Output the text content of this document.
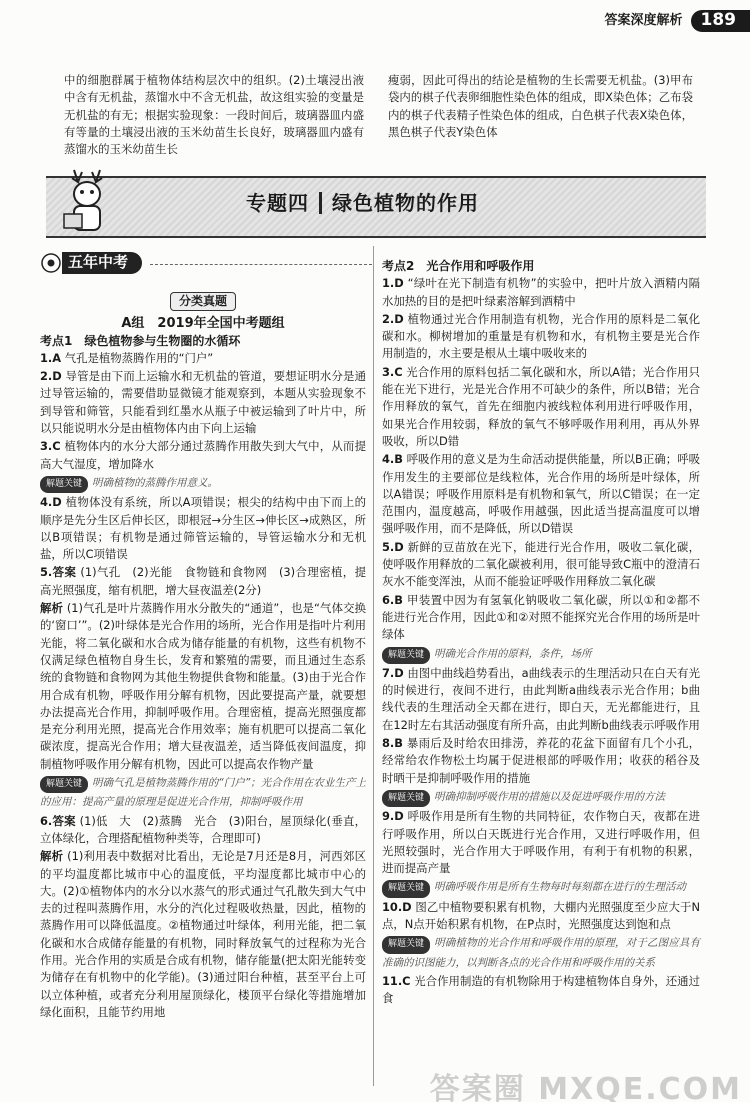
答案深度解析	189
中的细胞群属于植物体结构层次中的组织。(2)土壤浸出液中含有无机盐，蒸馏水中不含无机盐，故这组实验的变量是无机盐的有无；根据实验现象：一段时间后，玻璃器皿内盛有等量的土壤浸出液的玉米幼苗生长良好，玻璃器皿内盛有蒸馏水的玉米幼苗生长
瘦弱，因此可得出的结论是植物的生长需要无机盐。(3)甲布袋内的棋子代表卵细胞性染色体的组成，即X染色体；乙布袋内的棋子代表精子性染色体的组成，白色棋子代表X染色体，黑色棋子代表Y染色体
专题四 绿色植物的作用
五年中考
分类真题
A组　2019年全国中考题组
考点1　绿色植物参与生物圈的水循环
1.A 气孔是植物蒸腾作用的“门户”
2.D 导管是由下而上运输水和无机盐的管道，要想证明水分是通过导管运输的，需要借助显微镜才能观察到，本题从实验现象不到导管和筛管，只能看到红墨水从瓶子中被运输到了叶片中，所以只能说明水分是由植物体内由下向上运输
3.C 植物体内的水分大部分通过蒸腾作用散失到大气中，从而提高大气湿度，增加降水
解题关键 明确植物的蒸腾作用意义。
4.D 植物体没有系统，所以A项错误；根尖的结构中由下而上的顺序是先分生区后伸长区，即根冠→分生区→伸长区→成熟区，所以B项错误；有机物是通过筛管运输的，导管运输水分和无机盐，所以C项错误
5.答案 (1)气孔　(2)光能　食物链和食物网　(3)合理密植，提高光照强度，缩有机肥，增大昼夜温差(2分)
解析 (1)气孔是叶片蒸腾作用水分散失的“通道”，也是“气体交换的‘窗口’”。(2)叶绿体是光合作用的场所，光合作用是指叶片利用光能，将二氧化碳和水合成为储存能量的有机物，这些有机物不仅满足绿色植物自身生长，发育和繁殖的需要，而且通过生态系统的食物链和食物网为其他生物提供食物和能量。(3)由于光合作用合成有机物，呼吸作用分解有机物，因此要提高产量，就要想办法提高光合作用，抑制呼吸作用。合理密植，提高光照强度都是充分利用光照，提高光合作用效率；施有机肥可以提高二氧化碳浓度，提高光合作用；增大昼夜温差，适当降低夜间温度，抑制植物呼吸作用分解有机物，因此可以提高农作物产量
解题关键 明确气孔是植物蒸腾作用的“门户”；光合作用在农业生产上的应用：提高产量的原理是促进光合作用，抑制呼吸作用
6.答案 (1)低　大　(2)蒸腾　光合　(3)阳台，屋顶绿化(垂直，立体绿化，合理搭配植物种类等，合理即可)
解析 (1)利用表中数据对比看出，无论是7月还是8月，河西郊区的平均温度都比城市中心的温度低，平均湿度都比城市中心的大。(2)①植物体内的水分以水蒸气的形式通过气孔散失到大气中去的过程叫蒸腾作用，水分的汽化过程吸收热量，因此，植物的蒸腾作用可以降低温度。②植物通过叶绿体，利用光能，把二氧化碳和水合成储存能量的有机物，同时释放氧气的过程称为光合作用。光合作用的实质是合成有机物，储存能量(把太阳光能转变为储存在有机物中的化学能)。(3)通过阳台种植，甚至平台上可以立体种植，或者充分利用屋顶绿化，楼顶平台绿化等措施增加绿化面积，且能节约用地
考点2　光合作用和呼吸作用
1.D “绿叶在光下制造有机物”的实验中，把叶片放入酒精内隔水加热的目的是把叶绿素溶解到酒精中
2.D 植物通过光合作用制造有机物，光合作用的原料是二氧化碳和水。柳树增加的重量是有机物和水，有机物主要是光合作用制造的，水主要是根从土壤中吸收来的
3.C 光合作用的原料包括二氧化碳和水，所以A错；光合作用只能在光下进行，光是光合作用不可缺少的条件，所以B错；光合作用释放的氧气，首先在细胞内被线粒体利用进行呼吸作用，如果光合作用较弱，释放的氧气不够呼吸作用利用，再从外界吸收，所以D错
4.B 呼吸作用的意义是为生命活动提供能量，所以B正确；呼吸作用发生的主要部位是线粒体，光合作用的场所是叶绿体，所以A错误；呼吸作用原料是有机物和氧气，所以C错误；在一定范围内，温度越高，呼吸作用越强，因此适当提高温度可以增强呼吸作用，而不是降低，所以D错误
5.D 新鲜的豆苗放在光下，能进行光合作用，吸收二氧化碳，使呼吸作用释放的二氧化碳被利用，很可能导致C瓶中的澄清石灰水不能变浑浊，从而不能验证呼吸作用释放二氧化碳
6.B 甲装置中因为有氢氧化钠吸收二氧化碳，所以①和②都不能进行光合作用，因此①和②对照不能探究光合作用的场所是叶绿体
解题关键 明确光合作用的原料，条件，场所
7.D 由图中曲线趋势看出，a曲线表示的生理活动只在白天有光的时候进行，夜间不进行，由此判断a曲线表示光合作用；b曲线代表的生理活动全天都在进行，即白天，无光都能进行，且在12时左右其活动强度有所升高，由此判断b曲线表示呼吸作用
8.B 暴雨后及时给农田排涝，养花的花盆下面留有几个小孔，经常给农作物松土均属于促进根部的呼吸作用；收获的稻谷及时晒干是抑制呼吸作用的措施
解题关键 明确抑制呼吸作用的措施以及促进呼吸作用的方法
9.D 呼吸作用是所有生物的共同特征，农作物白天，夜都在进行呼吸作用，所以白天既进行光合作用，又进行呼吸作用，但光照较强时，光合作用大于呼吸作用，有利于有机物的积累，进而提高产量
解题关键 明确呼吸作用是所有生物每时每刻都在进行的生理活动
10.D 图乙中植物要积累有机物，大棚内光照强度至少应大于N点，N点开始积累有机物，在P点时，光照强度达到饱和点
解题关键 明确植物的光合作用和呼吸作用的原理，对于乙图应具有准确的识图能力，以判断各点的光合作用和呼吸作用的关系
11.C 光合作用制造的有机物除用于构建植物体自身外，还通过食
答案圈 MXQE.COM
